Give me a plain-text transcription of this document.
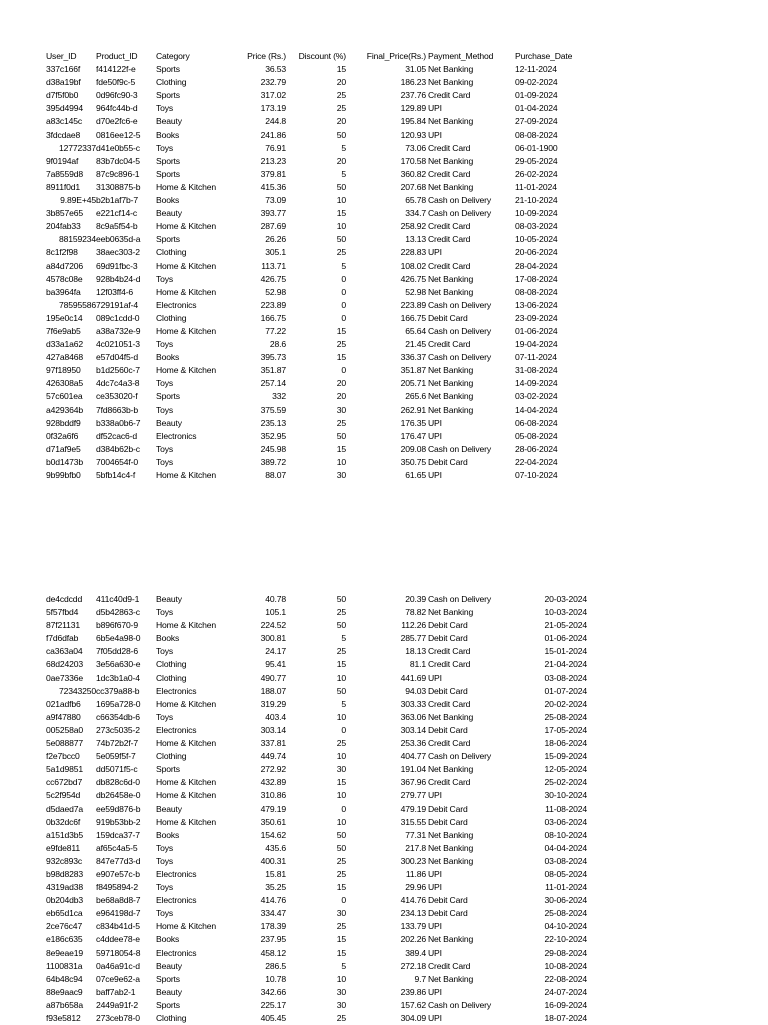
User_ID	Product_ID	Category	Price (Rs.)	Discount (%)	Final_Price(Rs.)	Payment_Method	Purchase_Date
337c166f	f414122f-e	Sports	36.53	15	31.05	Net Banking	12-11-2024
d38a19bf	fde50f9c-5	Clothing	232.79	20	186.23	Net Banking	09-02-2024
d7f5f0b0	0d96fc90-3	Sports	317.02	25	237.76	Credit Card	01-09-2024
395d4994	964fc44b-d	Toys	173.19	25	129.89	UPI	01-04-2024
a83c145c	d70e2fc6-e	Beauty	244.8	20	195.84	Net Banking	27-09-2024
3fdcdae8	0816ee12-5	Books	241.86	50	120.93	UPI	08-08-2024
12772337	d41e0b55-c	Toys	76.91	5	73.06	Credit Card	06-01-1900
9f0194af	83b7dc04-5	Sports	213.23	20	170.58	Net Banking	29-05-2024
7a8559d8	87c9c896-1	Sports	379.81	5	360.82	Credit Card	26-02-2024
8911f0d1	31308875-b	Home & Kitchen	415.36	50	207.68	Net Banking	11-01-2024
9.89E+45	b2b1af7b-7	Books	73.09	10	65.78	Cash on Delivery	21-10-2024
3b857e65	e221cf14-c	Beauty	393.77	15	334.7	Cash on Delivery	10-09-2024
204fab33	8c9a5f54-b	Home & Kitchen	287.69	10	258.92	Credit Card	08-03-2024
88159234	eeb0635d-a	Sports	26.26	50	13.13	Credit Card	10-05-2024
8c1f2f98	38aec303-2	Clothing	305.1	25	228.83	UPI	20-06-2024
a84d7206	69d91fbc-3	Home & Kitchen	113.71	5	108.02	Credit Card	28-04-2024
4578c08e	928b4b24-d	Toys	426.75	0	426.75	Net Banking	17-08-2024
ba3964fa	12f03ff4-6	Home & Kitchen	52.98	0	52.98	Net Banking	08-08-2024
78595586	729191af-4	Electronics	223.89	0	223.89	Cash on Delivery	13-06-2024
195e0c14	089c1cdd-0	Clothing	166.75	0	166.75	Debit Card	23-09-2024
7f6e9ab5	a38a732e-9	Home & Kitchen	77.22	15	65.64	Cash on Delivery	01-06-2024
d33a1a62	4c021051-3	Toys	28.6	25	21.45	Credit Card	19-04-2024
427a8468	e57d04f5-d	Books	395.73	15	336.37	Cash on Delivery	07-11-2024
97f18950	b1d2560c-7	Home & Kitchen	351.87	0	351.87	Net Banking	31-08-2024
426308a5	4dc7c4a3-8	Toys	257.14	20	205.71	Net Banking	14-09-2024
57c601ea	ce353020-f	Sports	332	20	265.6	Net Banking	03-02-2024
a429364b	7fd8663b-b	Toys	375.59	30	262.91	Net Banking	14-04-2024
928bddf9	b338a0b6-7	Beauty	235.13	25	176.35	UPI	06-08-2024
0f32a6f6	df52cac6-d	Electronics	352.95	50	176.47	UPI	05-08-2024
d71af9e5	d384b62b-c	Toys	245.98	15	209.08	Cash on Delivery	28-06-2024
b0d1473b	7004654f-0	Toys	389.72	10	350.75	Debit Card	22-04-2024
9b99bfb0	5bfb14c4-f	Home & Kitchen	88.07	30	61.65	UPI	07-10-2024
de4cdcdd	411c40d9-1	Beauty	40.78	50	20.39	Cash on Delivery	20-03-2024
5f57fbd4	d5b42863-c	Toys	105.1	25	78.82	Net Banking	10-03-2024
87f21131	b896f670-9	Home & Kitchen	224.52	50	112.26	Debit Card	21-05-2024
f7d6dfab	6b5e4a98-0	Books	300.81	5	285.77	Debit Card	01-06-2024
ca363a04	7f05dd28-6	Toys	24.17	25	18.13	Credit Card	15-01-2024
68d24203	3e56a630-e	Clothing	95.41	15	81.1	Credit Card	21-04-2024
0ae7336e	1dc3b1a0-4	Clothing	490.77	10	441.69	UPI	03-08-2024
72343250	cc379a88-b	Electronics	188.07	50	94.03	Debit Card	01-07-2024
021adfb6	1695a728-0	Home & Kitchen	319.29	5	303.33	Credit Card	20-02-2024
a9f47880	c66354db-6	Toys	403.4	10	363.06	Net Banking	25-08-2024
005258a0	273c5035-2	Electronics	303.14	0	303.14	Debit Card	17-05-2024
5e088877	74b72b2f-7	Home & Kitchen	337.81	25	253.36	Credit Card	18-06-2024
f2e7bcc0	5e059f5f-7	Clothing	449.74	10	404.77	Cash on Delivery	15-09-2024
5a1d9851	dd5071f5-c	Sports	272.92	30	191.04	Net Banking	12-05-2024
cc672bd7	db828c6d-0	Home & Kitchen	432.89	15	367.96	Credit Card	25-02-2024
5c2f954d	db26458e-0	Home & Kitchen	310.86	10	279.77	UPI	30-10-2024
d5daed7a	ee59d876-b	Beauty	479.19	0	479.19	Debit Card	11-08-2024
0b32dc6f	919b53bb-2	Home & Kitchen	350.61	10	315.55	Debit Card	03-06-2024
a151d3b5	159dca37-7	Books	154.62	50	77.31	Net Banking	08-10-2024
e9fde811	af65c4a5-5	Toys	435.6	50	217.8	Net Banking	04-04-2024
932c893c	847e77d3-d	Toys	400.31	25	300.23	Net Banking	03-08-2024
b98d8283	e907e57c-b	Electronics	15.81	25	11.86	UPI	08-05-2024
4319ad38	f8495894-2	Toys	35.25	15	29.96	UPI	11-01-2024
0b204db3	be68a8d8-7	Electronics	414.76	0	414.76	Debit Card	30-06-2024
eb65d1ca	e964198d-7	Toys	334.47	30	234.13	Debit Card	25-08-2024
2ce76c47	c834b41d-5	Home & Kitchen	178.39	25	133.79	UPI	04-10-2024
e186c635	c4ddee78-e	Books	237.95	15	202.26	Net Banking	22-10-2024
8e9eae19	59718054-8	Electronics	458.12	15	389.4	UPI	29-08-2024
1100831a	0a46a91c-d	Beauty	286.5	5	272.18	Credit Card	10-08-2024
64b48c94	07ce9e62-a	Sports	10.78	10	9.7	Net Banking	22-08-2024
88e9aac9	baff7ab2-1	Beauty	342.66	30	239.86	UPI	24-07-2024
a87b658a	2449a91f-2	Sports	225.17	30	157.62	Cash on Delivery	16-09-2024
f93e5812	273ceb78-0	Clothing	405.45	25	304.09	UPI	18-07-2024
